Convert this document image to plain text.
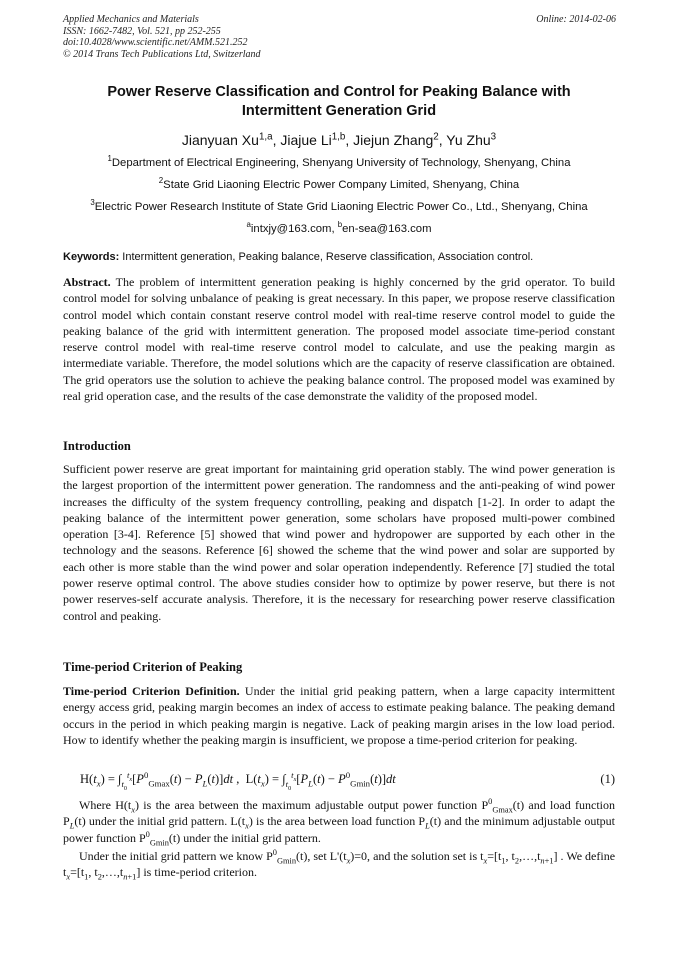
Applied Mechanics and Materials
ISSN: 1662-7482, Vol. 521, pp 252-255
doi:10.4028/www.scientific.net/AMM.521.252
© 2014 Trans Tech Publications Ltd, Switzerland
Online: 2014-02-06
Power Reserve Classification and Control for Peaking Balance with
Intermittent Generation Grid
Jianyuan Xu$^{1,a}$, Jiajue Li$^{1,b}$, Jiejun Zhang$^2$, Yu Zhu$^3$
$^1$Department of Electrical Engineering, Shenyang University of Technology, Shenyang, China
$^2$State Grid Liaoning Electric Power Company Limited, Shenyang, China
$^3$Electric Power Research Institute of State Grid Liaoning Electric Power Co., Ltd., Shenyang, China
$^a$intxjy@163.com, $^b$en-sea@163.com
Keywords: Intermittent generation, Peaking balance, Reserve classification, Association control.
Abstract. The problem of intermittent generation peaking is highly concerned by the grid operator. To build control model for solving unbalance of peaking is great necessary. In this paper, we propose reserve classification control model which contain constant reserve control model with real-time reserve control model to guide the peaking balance of the grid with intermittent generation. The proposed model associate time-period constant reserve control model with real-time reserve control model to calculate, and use the peaking margin as intermediate variable. Therefore, the model solutions which are the capacity of reserve classification are obtained. The grid operators use the solution to achieve the peaking balance control. The proposed model was examined by real grid operation case, and the results of the case demonstrate the validity of the proposed model.
Introduction
Sufficient power reserve are great important for maintaining grid operation stably. The wind power generation is the largest proportion of the intermittent power generation. The randomness and the anti-peaking of wind power increases the difficulty of the system frequency controlling, peaking and dispatch [1-2]. In order to adapt the peaking balance of the intermittent power generation, some scholars have proposed multi-power combined operation [3-4]. Reference [5] showed that wind power and hydropower are supported by each other in the technology and the seasons. Reference [6] showed the scheme that the wind power and solar are supported by each other is more stable than the wind power and solar operation independently. Reference [7] studied the total power reserve optimal control. The above studies consider how to optimize by power reserve, but there is not power reserves-self accurate analysis. Therefore, it is the necessary for researching power reserve classification control and peaking.
Time-period Criterion of Peaking
Time-period Criterion Definition. Under the initial grid peaking pattern, when a large capacity intermittent energy access grid, peaking margin becomes an index of access to estimate peaking balance. The peaking demand occurs in the period in which peaking margin is negative. Lack of peaking margin arises in the low load period. How to identify whether the peaking margin is insufficient, we propose a time-period criterion for peaking.
$H(t_x) = \int_{t_0}^{t_x}[P^0_{Gmax}(t) - P_L(t)]dt$ ,  $L(t_x) = \int_{t_0}^{t_x}[P_L(t) - P^0_{Gmin}(t)]dt$	(1)
Where $H(t_x)$ is the area between the maximum adjustable output power function $P^0_{Gmax}(t)$ and load function $P_L(t)$ under the initial grid pattern. $L(t_x)$ is the area between load function $P_L(t)$ and the minimum adjustable output power function $P^0_{Gmin}(t)$ under the initial grid pattern.
Under the initial grid pattern we know $P^0_{Gmin}(t)$, set $L'(t_x)=0$, and the solution set is $t_x=[t_1$, $t_2,\dots,t_{n+1}$] . We define $t_x=[t_1$, $t_2,\dots,t_{n+1}$] is time-period criterion.
